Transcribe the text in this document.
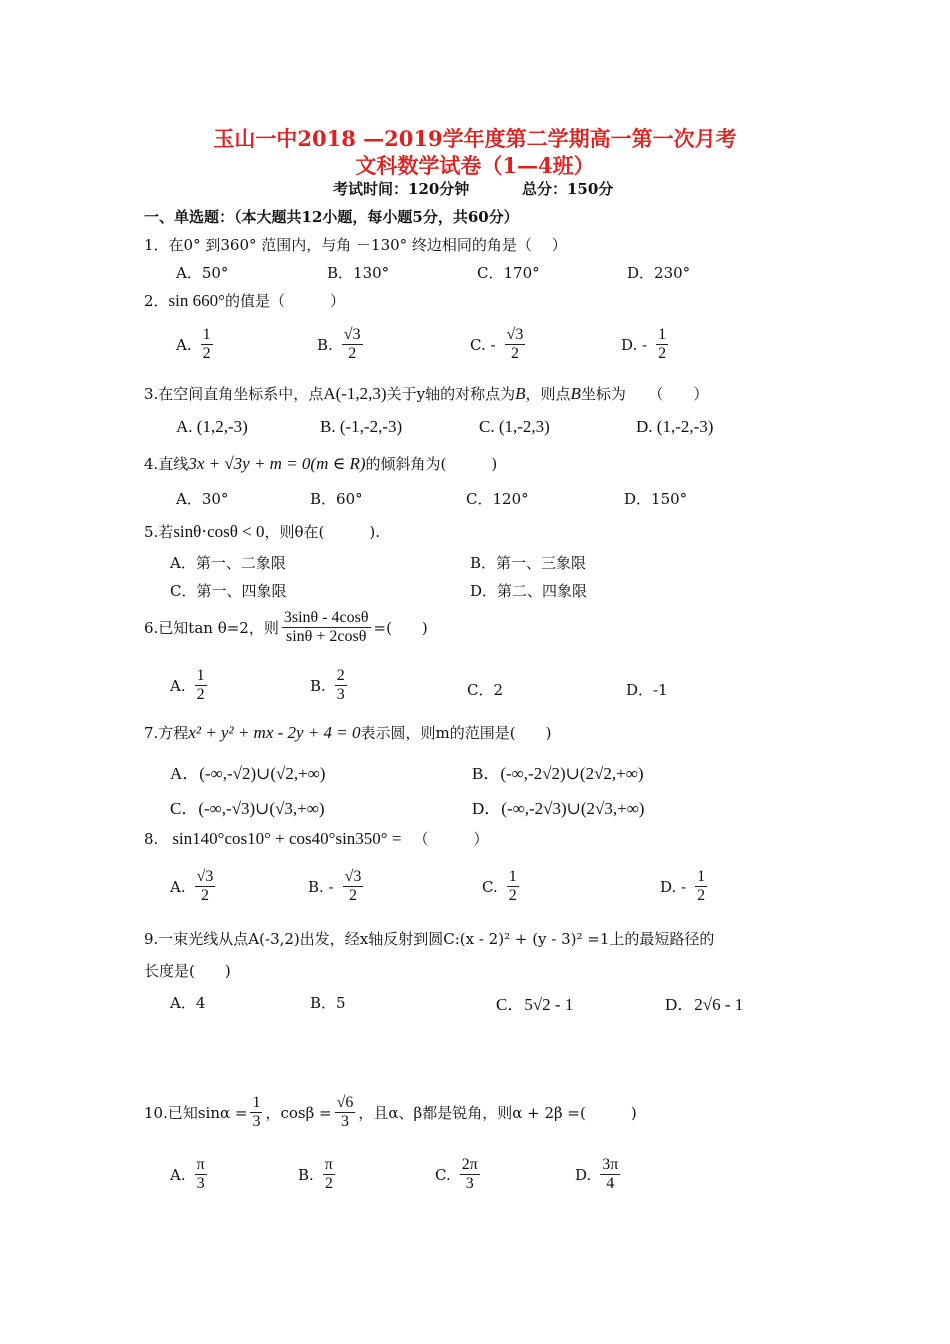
玉山一中2018 —2019学年度第二学期高一第一次月考
文科数学试卷（1—4班）
考试时间：120分钟	总分：150分
一、单选题：（本大题共12小题，每小题5分，共60分）
1．在0° 到360° 范围内，与角 －130° 终边相同的角是（　 ）
A．50°	B．130°	C．170°	D．230°
2． sin 660° 的值是（　　　）
A. $\frac{1}{2}$	B. $\frac{√3}{2}$	C. - $\frac{√3}{2}$	D. - $\frac{1}{2}$
3.在空间直角坐标系中，点 A(-1,2,3) 关于y轴的对称点为 B ，则点 B 坐标为　　（　　）
A. (1,2,-3)	B. (-1,-2,-3)	C. (1,-2,3)	D. (1,-2,-3)
4.直线 3x + √3y + m = 0(m ∈ R) 的倾斜角为(　　　)
A．30°	B．60°	C．120°	D．150°
5.若 sinθ⋅cosθ < 0 ，则θ在(　　　).
A．第一、二象限	B．第一、三象限
C．第一、四象限	D．第二、四象限
6.已知tan θ=2，则 $\frac{3\sin\theta - 4\cos\theta}{\sin\theta + 2\cos\theta}$ =(　　)
A. $\frac{1}{2}$	B. $\frac{2}{3}$	C．2	D．-1
7.方程 x² + y² + mx - 2y + 4 = 0 表示圆，则m的范围是(　　)
A．(-∞,-√2)∪(√2,+∞)	B．(-∞,-2√2)∪(2√2,+∞)
C．(-∞,-√3)∪(√3,+∞)	D．(-∞,-2√3)∪(2√3,+∞)
8. sin140°cos10° + cos40°sin350° = （　　　）
A. $\frac{√3}{2}$	B. - $\frac{√3}{2}$	C. $\frac{1}{2}$	D. - $\frac{1}{2}$
9.一束光线从点A(-3,2)出发，经x轴反射到圆C:(x - 2)² + (y - 3)² =1上的最短路径的
长度是(　　)
A．4	B．5	C．5√2 - 1	D．2√6 - 1
10.已知$\sin\alpha = \frac{1}{3}$ ，$\cos\beta = \frac{√6}{3}$ ，且α、β都是锐角，则α + 2β =(　　　)
A. $\frac{\pi}{3}$	B. $\frac{\pi}{2}$	C. $\frac{2\pi}{3}$	D. $\frac{3\pi}{4}$
